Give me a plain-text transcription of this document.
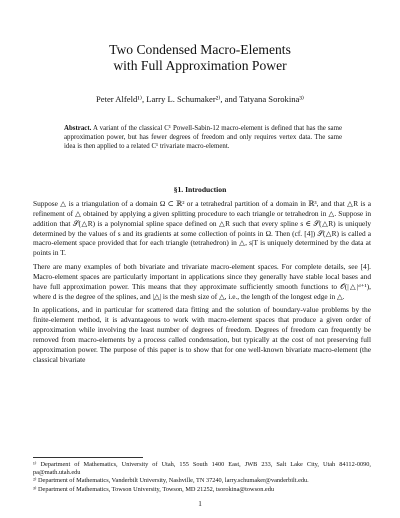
Two Condensed Macro-Elements
with Full Approximation Power
Peter Alfeld¹⁾, Larry L. Schumaker²⁾, and Tatyana Sorokina³⁾
Abstract. A variant of the classical C¹ Powell-Sabin-12 macro-element is defined that has the same approximation power, but has fewer degrees of freedom and only requires vertex data. The same idea is then applied to a related C¹ trivariate macro-element.
§1. Introduction

Suppose △ is a triangulation of a domain Ω ⊂ ℝ² or a tetrahedral partition of a domain in ℝ³, and that △R is a refinement of △ obtained by applying a given splitting procedure to each triangle or tetrahedron in △. Suppose in addition that 𝒮(△R) is a polynomial spline space defined on △R such that every spline s ∈ 𝒮(△R) is uniquely determined by the values of s and its gradients at some collection of points in Ω. Then (cf. [4]) 𝒮(△R) is called a macro-element space provided that for each triangle (tetrahedron) in △, s|T is uniquely determined by the data at points in T.

There are many examples of both bivariate and trivariate macro-element spaces. For complete details, see [4]. Macro-element spaces are particularly important in applications since they generally have stable local bases and have full approximation power. This means that they approximate sufficiently smooth functions to 𝒪(|△|ᵈ⁺¹), where d is the degree of the splines, and |△| is the mesh size of △, i.e., the length of the longest edge in △.

In applications, and in particular for scattered data fitting and the solution of boundary-value problems by the finite-element method, it is advantageous to work with macro-element spaces that produce a given order of approximation while involving the least number of degrees of freedom. Degrees of freedom can frequently be removed from macro-elements by a process called condensation, but typically at the cost of not preserving full approximation power. The purpose of this paper is to show that for one well-known bivariate macro-element (the classical bivariate

¹⁾ Department of Mathematics, University of Utah, 155 South 1400 East, JWB 233, Salt Lake City, Utah 84112-0090, pa@math.utah.edu

²⁾ Department of Mathematics, Vanderbilt University, Nashville, TN 37240, larry.schumaker@vanderbilt.edu.

³⁾ Department of Mathematics, Towson University, Towson, MD 21252, tsorokina@towson.edu

1
